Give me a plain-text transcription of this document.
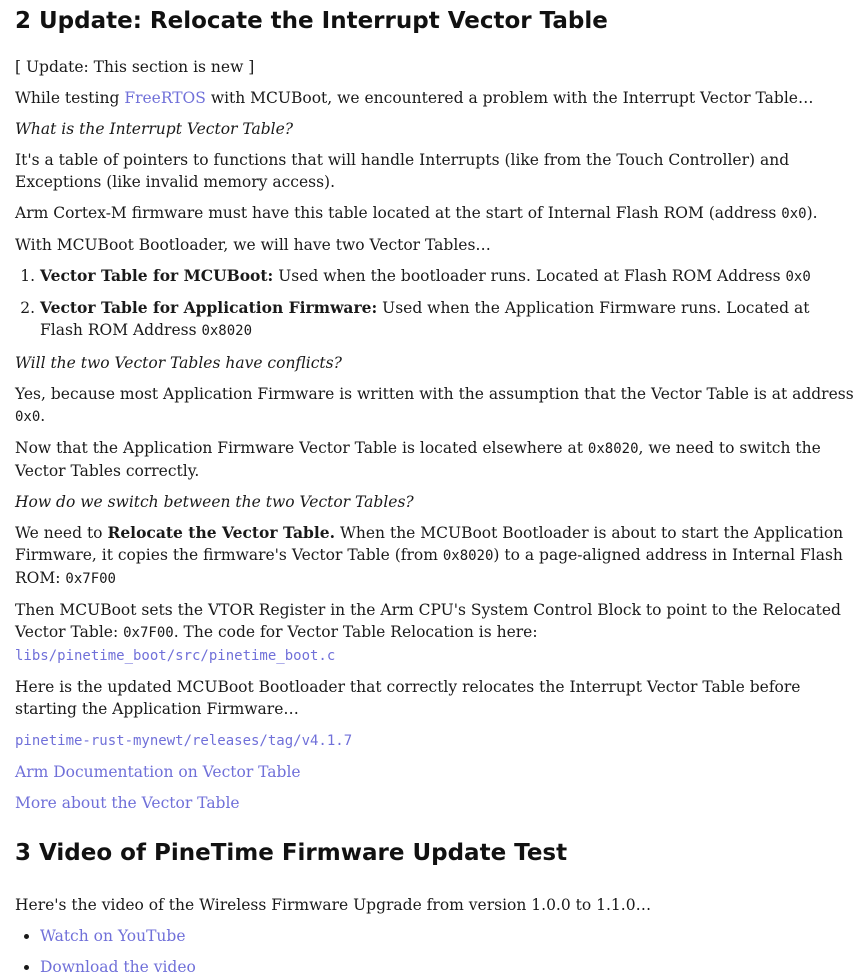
2 Update: Relocate the Interrupt Vector Table

[ Update: This section is new ]

While testing FreeRTOS with MCUBoot, we encountered a problem with the Interrupt Vector Table…

What is the Interrupt Vector Table?

It's a table of pointers to functions that will handle Interrupts (like from the Touch Controller) and Exceptions (like invalid memory access).

Arm Cortex-M firmware must have this table located at the start of Internal Flash ROM (address 0x0).

With MCUBoot Bootloader, we will have two Vector Tables…

1. Vector Table for MCUBoot: Used when the bootloader runs. Located at Flash ROM Address 0x0
2. Vector Table for Application Firmware: Used when the Application Firmware runs. Located at Flash ROM Address 0x8020

Will the two Vector Tables have conflicts?

Yes, because most Application Firmware is written with the assumption that the Vector Table is at address 0x0.

Now that the Application Firmware Vector Table is located elsewhere at 0x8020, we need to switch the Vector Tables correctly.

How do we switch between the two Vector Tables?

We need to Relocate the Vector Table. When the MCUBoot Bootloader is about to start the Application Firmware, it copies the firmware's Vector Table (from 0x8020) to a page-aligned address in Internal Flash ROM: 0x7F00

Then MCUBoot sets the VTOR Register in the Arm CPU's System Control Block to point to the Relocated Vector Table: 0x7F00. The code for Vector Table Relocation is here: libs/pinetime_boot/src/pinetime_boot.c

Here is the updated MCUBoot Bootloader that correctly relocates the Interrupt Vector Table before starting the Application Firmware…

pinetime-rust-mynewt/releases/tag/v4.1.7

Arm Documentation on Vector Table

More about the Vector Table

3 Video of PineTime Firmware Update Test

Here's the video of the Wireless Firmware Upgrade from version 1.0.0 to 1.1.0…

• Watch on YouTube
• Download the video
